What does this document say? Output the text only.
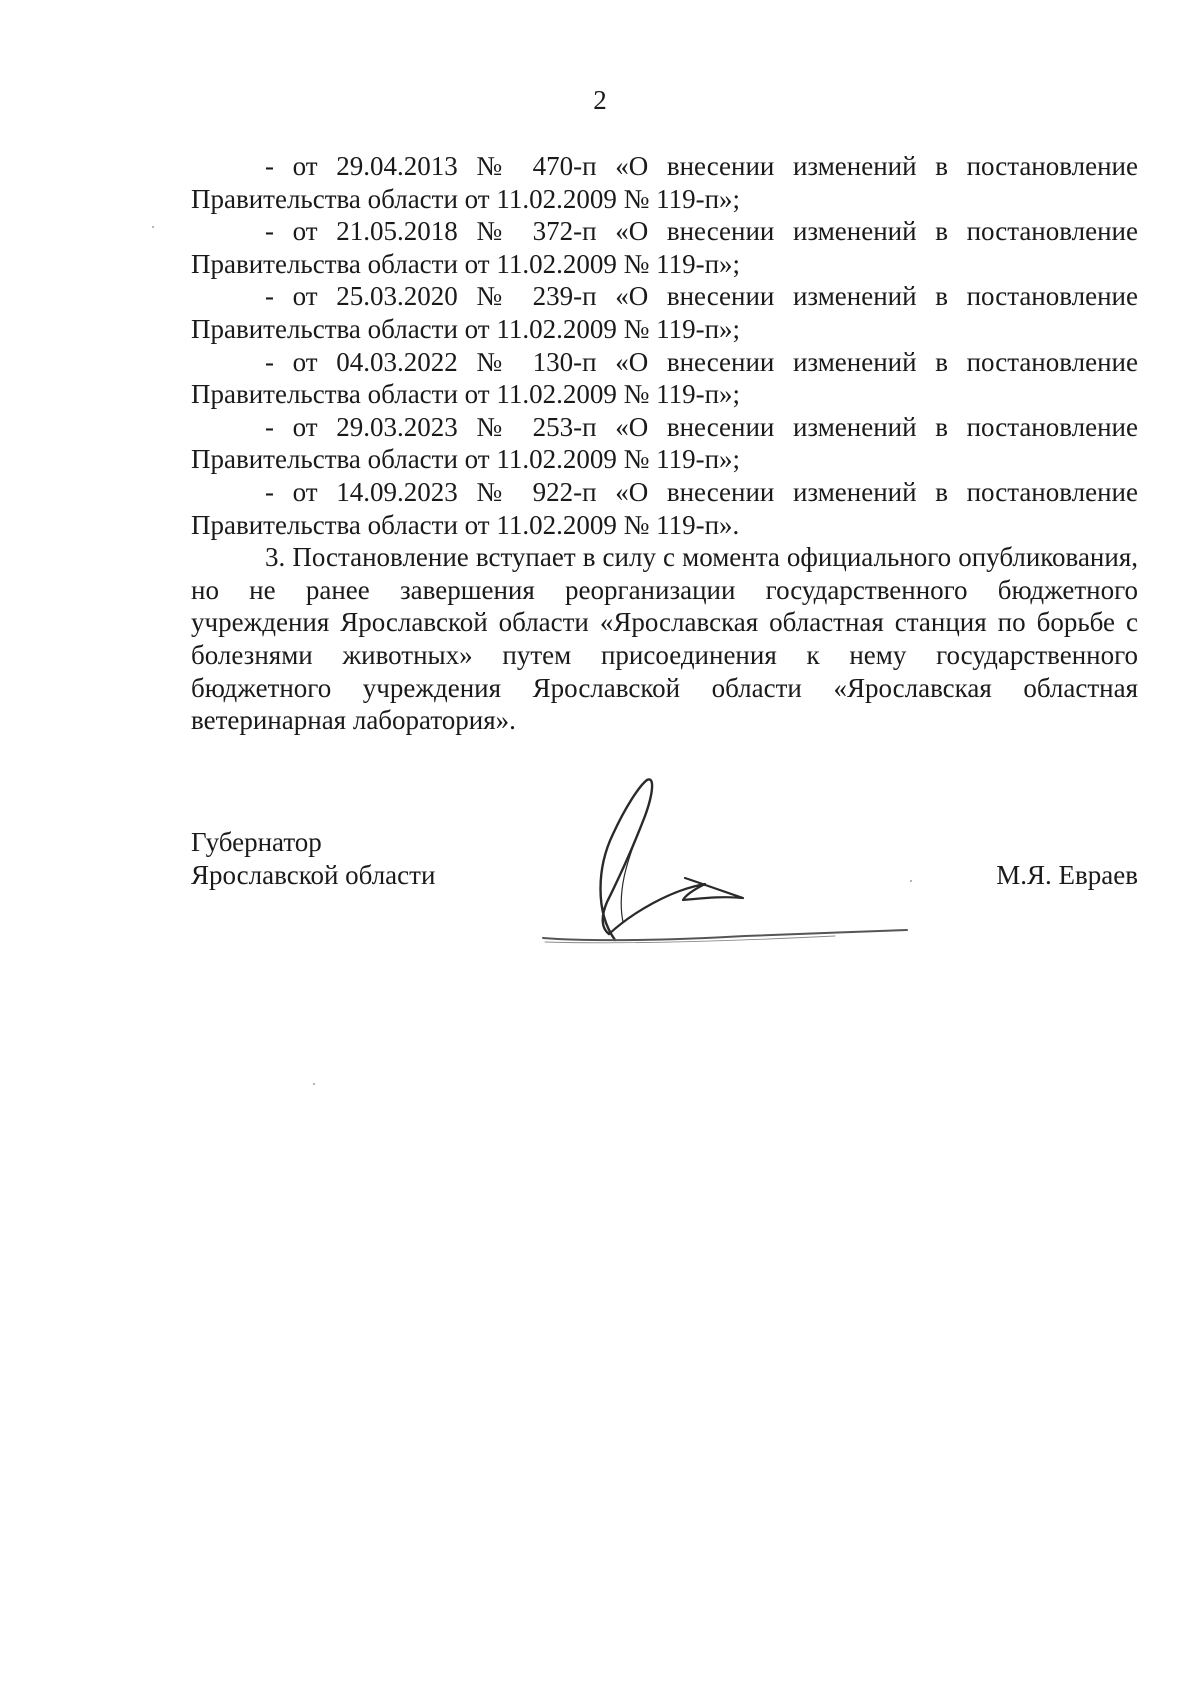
2

- от 29.04.2013 № 470-п «О внесении изменений в постановление Правительства области от 11.02.2009 № 119-п»;

- от 21.05.2018 № 372-п «О внесении изменений в постановление Правительства области от 11.02.2009 № 119-п»;

- от 25.03.2020 № 239-п «О внесении изменений в постановление Правительства области от 11.02.2009 № 119-п»;

- от 04.03.2022 № 130-п «О внесении изменений в постановление Правительства области от 11.02.2009 № 119-п»;

- от 29.03.2023 № 253-п «О внесении изменений в постановление Правительства области от 11.02.2009 № 119-п»;

- от 14.09.2023 № 922-п «О внесении изменений в постановление Правительства области от 11.02.2009 № 119-п».

3. Постановление вступает в силу с момента официального опубликования, но не ранее завершения реорганизации государственного бюджетного учреждения Ярославской области «Ярославская областная станция по борьбе с болезнями животных» путем присоединения к нему государственного бюджетного учреждения Ярославской области «Ярославская областная ветеринарная лаборатория».

Губернатор
Ярославской области	М.Я. Евраев
